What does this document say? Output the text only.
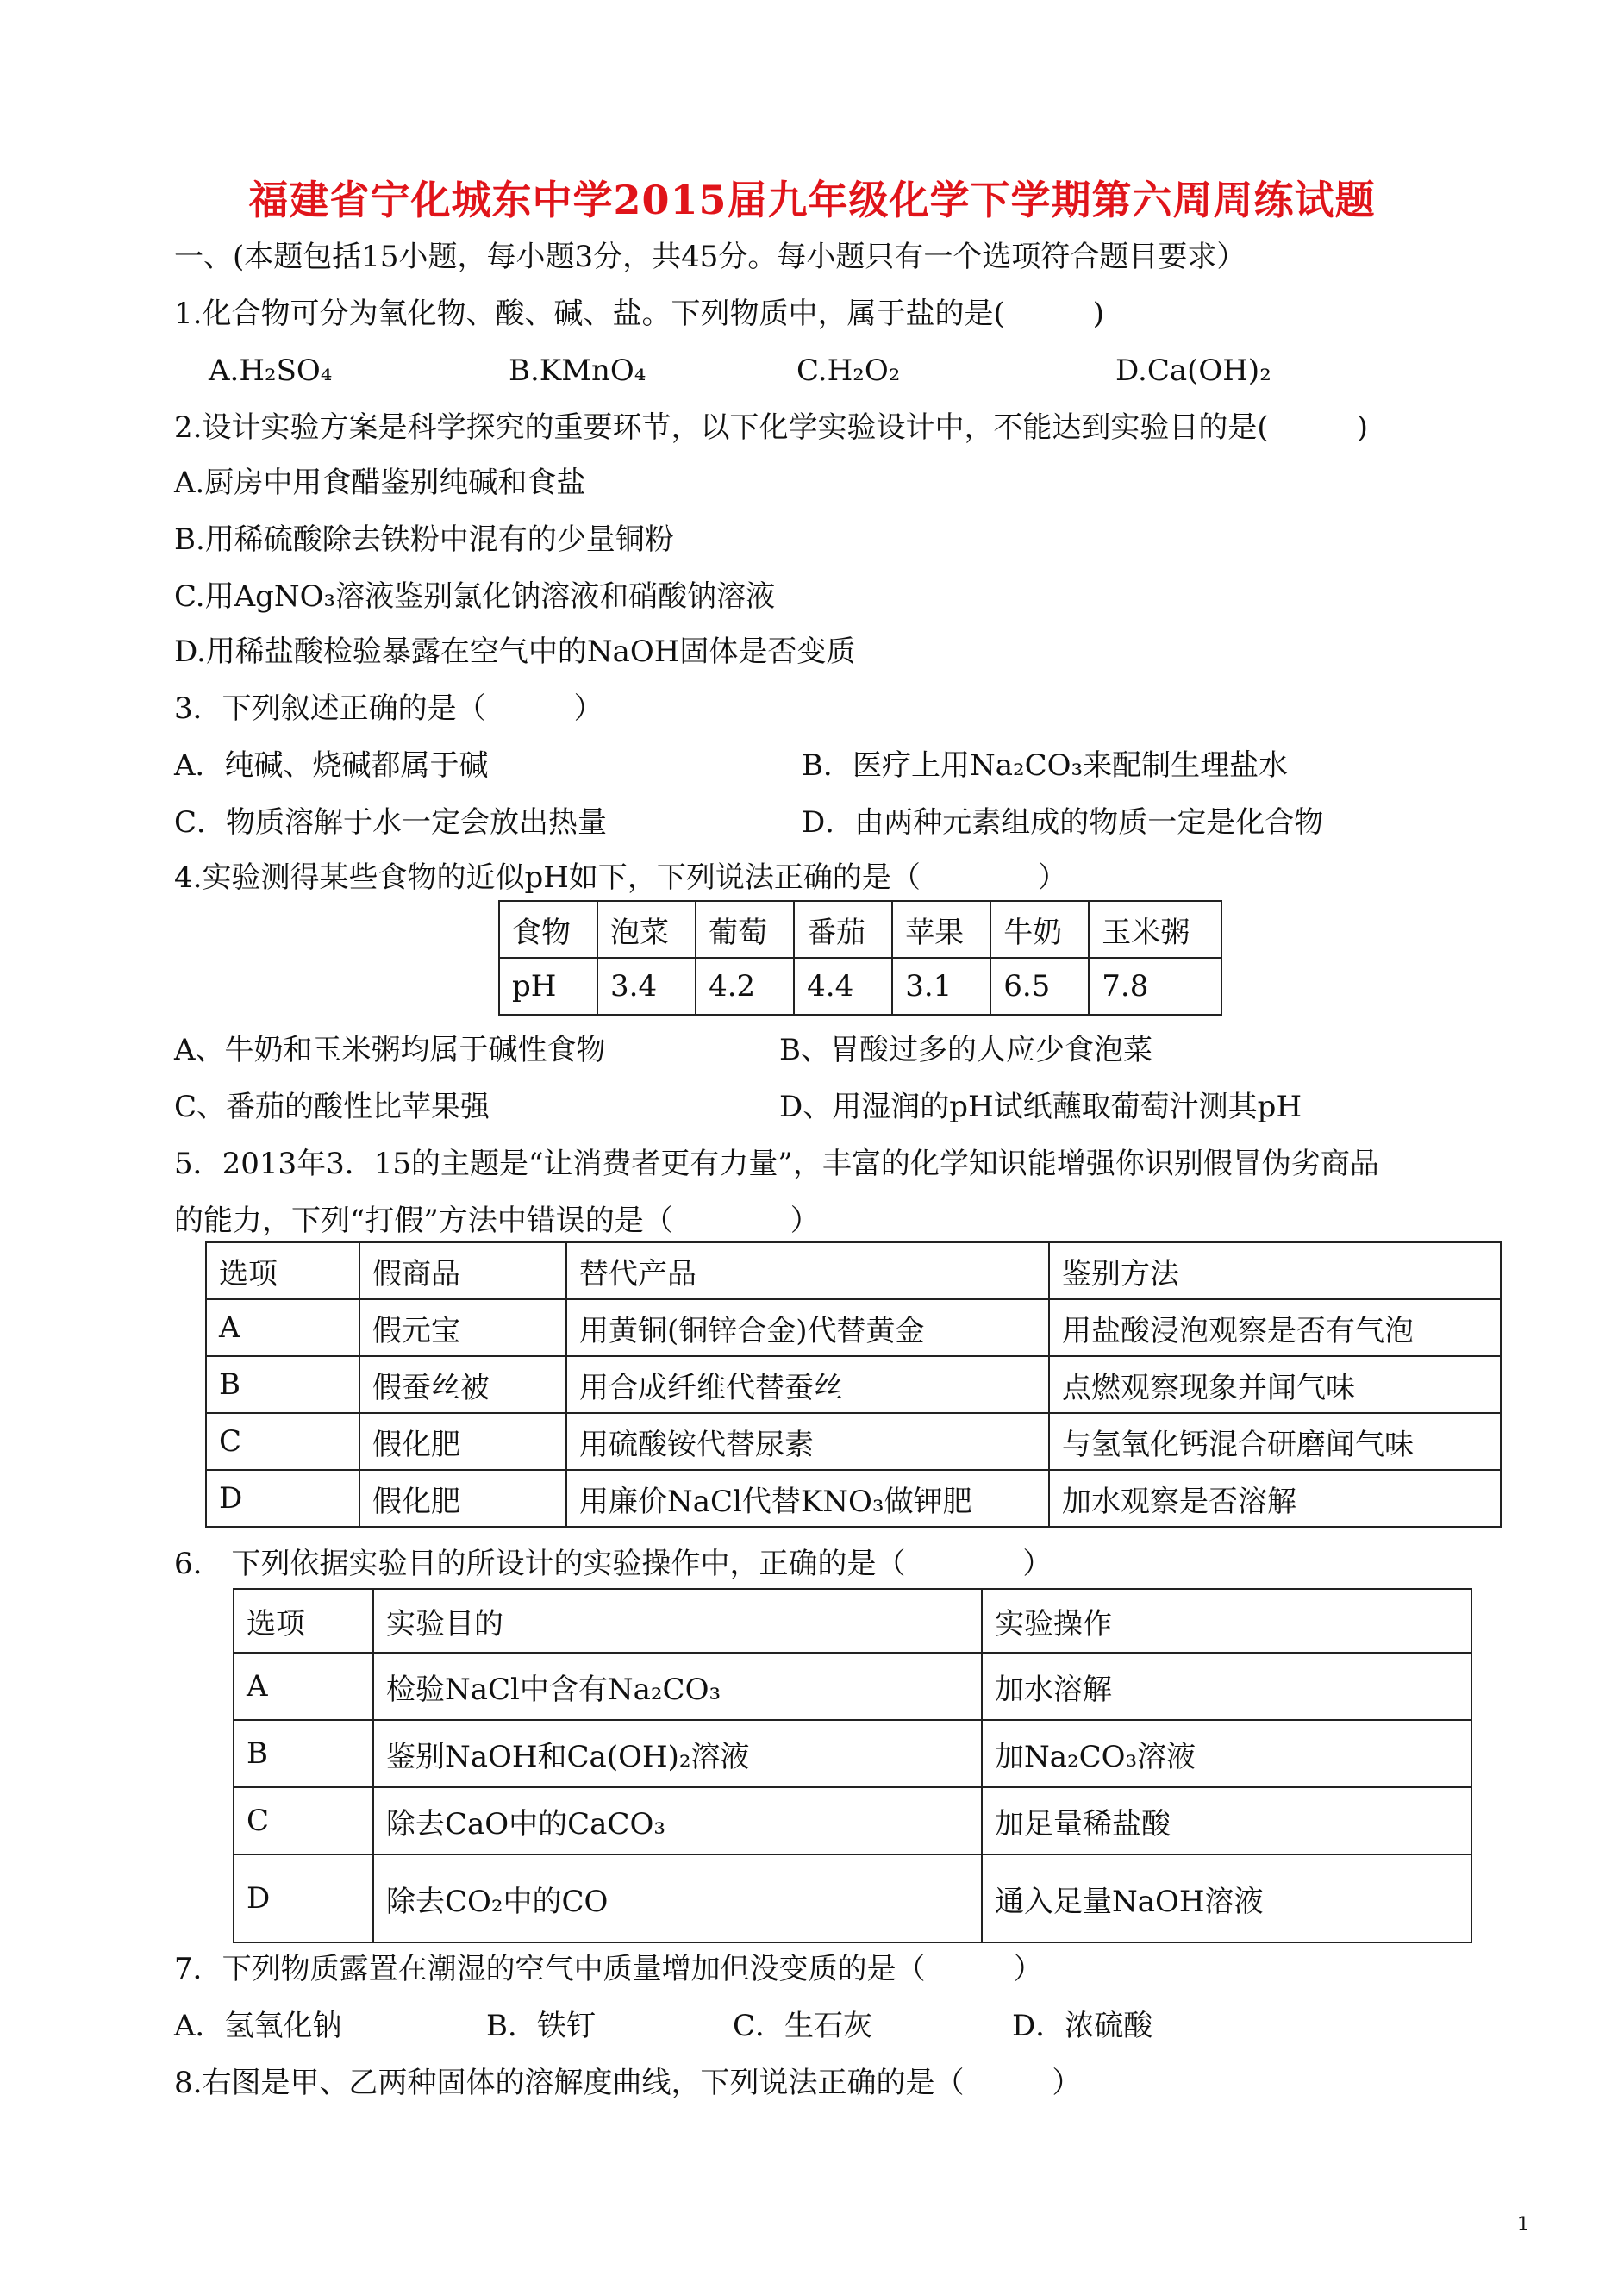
福建省宁化城东中学2015届九年级化学下学期第六周周练试题
一、(本题包括15小题，每小题3分，共45分。每小题只有一个选项符合题目要求）
1.化合物可分为氧化物、酸、碱、盐。下列物质中，属于盐的是(　　　)
A.H₂SO₄	B.KMnO₄	C.H₂O₂	D.Ca(OH)₂
2.设计实验方案是科学探究的重要环节，以下化学实验设计中，不能达到实验目的是(　　　)
A.厨房中用食醋鉴别纯碱和食盐
B.用稀硫酸除去铁粉中混有的少量铜粉
C.用AgNO₃溶液鉴别氯化钠溶液和硝酸钠溶液
D.用稀盐酸检验暴露在空气中的NaOH固体是否变质
3．下列叙述正确的是（　　　）
A．纯碱、烧碱都属于碱	B．医疗上用Na₂CO₃来配制生理盐水
C．物质溶解于水一定会放出热量	D．由两种元素组成的物质一定是化合物
4.实验测得某些食物的近似pH如下，下列说法正确的是（　　　　）
食物	泡菜	葡萄	番茄	苹果	牛奶	玉米粥
pH	3.4	4.2	4.4	3.1	6.5	7.8
A、牛奶和玉米粥均属于碱性食物	B、胃酸过多的人应少食泡菜
C、番茄的酸性比苹果强	D、用湿润的pH试纸蘸取葡萄汁测其pH
5．2013年3．15的主题是“让消费者更有力量”，丰富的化学知识能增强你识别假冒伪劣商品
的能力，下列“打假”方法中错误的是（　　　　）
选项	假商品	替代产品	鉴别方法
A	假元宝	用黄铜(铜锌合金)代替黄金	用盐酸浸泡观察是否有气泡
B	假蚕丝被	用合成纤维代替蚕丝	点燃观察现象并闻气味
C	假化肥	用硫酸铵代替尿素	与氢氧化钙混合研磨闻气味
D	假化肥	用廉价NaCl代替KNO₃做钾肥	加水观察是否溶解
6.　下列依据实验目的所设计的实验操作中，正确的是（　　　　）
选项	实验目的	实验操作
A	检验NaCl中含有Na₂CO₃	加水溶解
B	鉴别NaOH和Ca(OH)₂溶液	加Na₂CO₃溶液
C	除去CaO中的CaCO₃	加足量稀盐酸
D	除去CO₂中的CO	通入足量NaOH溶液
7．下列物质露置在潮湿的空气中质量增加但没变质的是（　　　）
A．氢氧化钠	B．铁钉	C．生石灰	D．浓硫酸
8.右图是甲、乙两种固体的溶解度曲线，下列说法正确的是（　　　）
1
